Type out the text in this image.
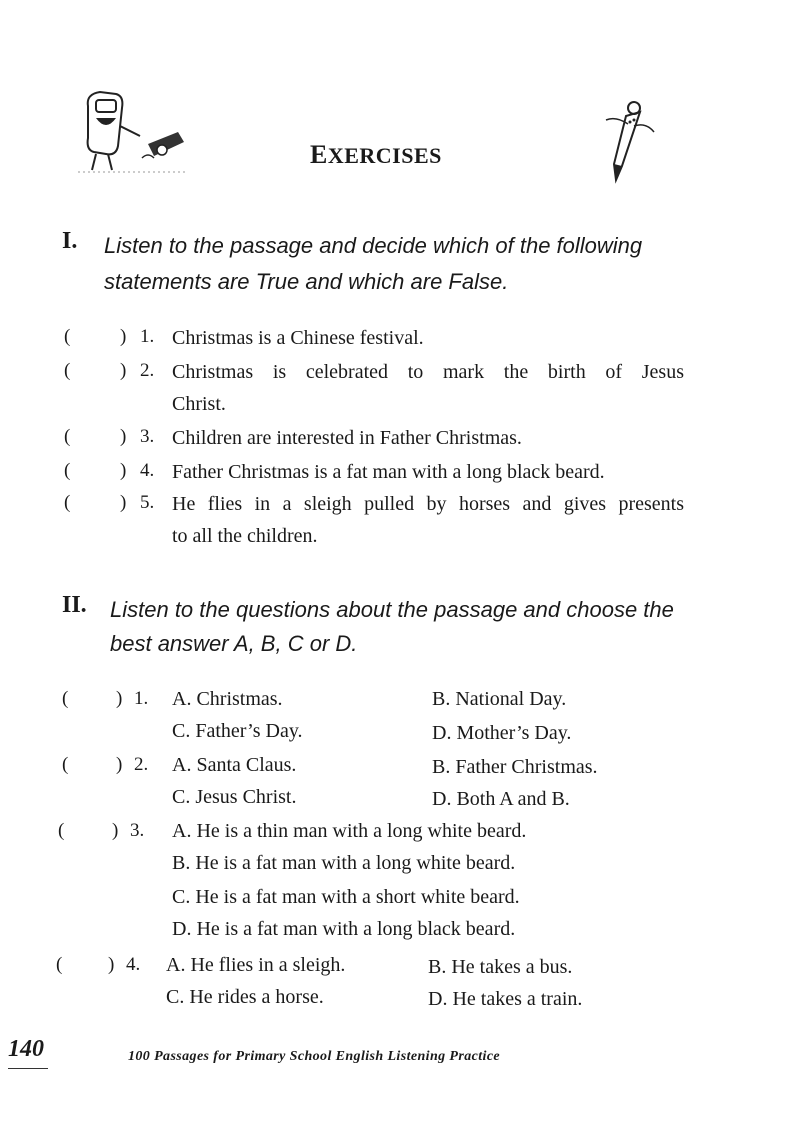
EXERCISES
I. Listen to the passage and decide which of the following
statements are True and which are False.
(	) 1. Christmas is a Chinese festival.
(	) 2. Christmas is celebrated to mark the birth of Jesus
Christ.
(	) 3. Children are interested in Father Christmas.
(	) 4. Father Christmas is a fat man with a long black beard.
(	) 5. He flies in a sleigh pulled by horses and gives presents
to all the children.
II. Listen to the questions about the passage and choose the
best answer A, B, C or D.
(	) 1. A. Christmas.	B. National Day.
C. Father’s Day.	D. Mother’s Day.
(	) 2. A. Santa Claus.	B. Father Christmas.
C. Jesus Christ.	D. Both A and B.
(	) 3. A. He is a thin man with a long white beard.
B. He is a fat man with a long white beard.
C. He is a fat man with a short white beard.
D. He is a fat man with a long black beard.
( ) 4. A. He flies in a sleigh.	B. He takes a bus.
C. He rides a horse.	D. He takes a train.
140	100 Passages for Primary School English Listening Practice
